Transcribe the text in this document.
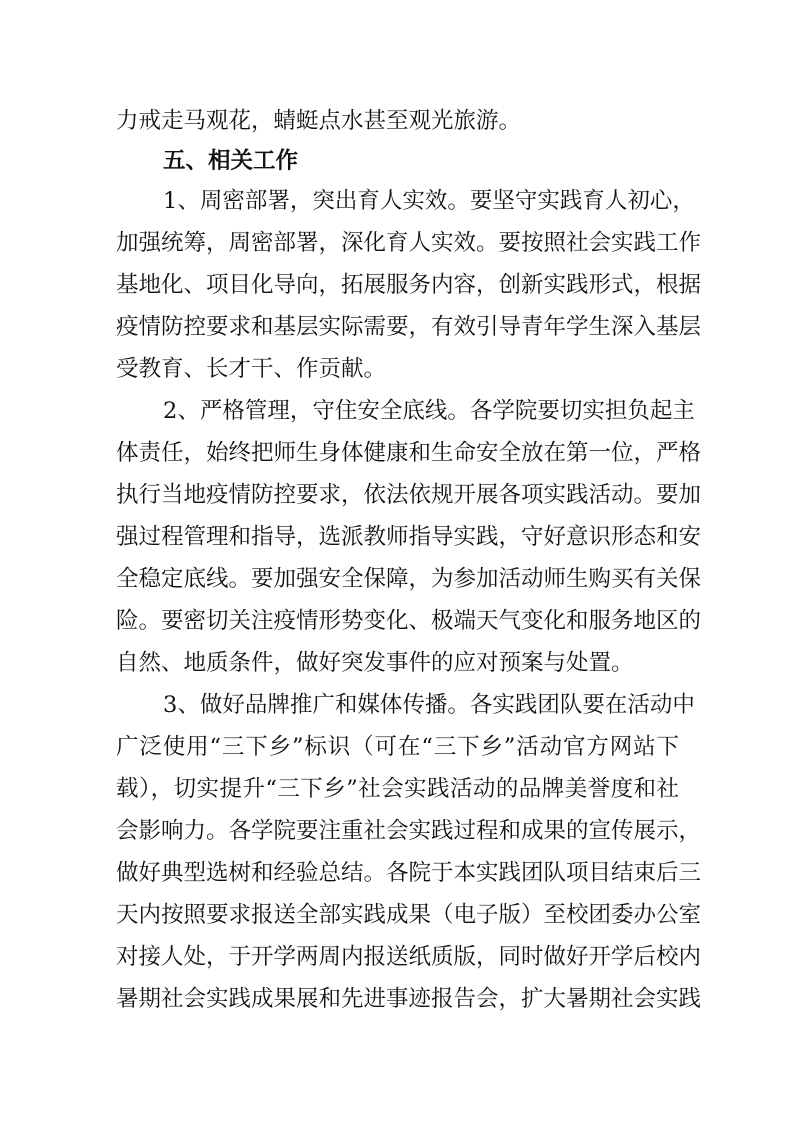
力戒走马观花，蜻蜓点水甚至观光旅游。
五、相关工作
1、周密部署，突出育人实效。要坚守实践育人初心，
加强统筹，周密部署，深化育人实效。要按照社会实践工作
基地化、项目化导向，拓展服务内容，创新实践形式，根据
疫情防控要求和基层实际需要，有效引导青年学生深入基层
受教育、长才干、作贡献。
2、严格管理，守住安全底线。各学院要切实担负起主
体责任，始终把师生身体健康和生命安全放在第一位，严格
执行当地疫情防控要求，依法依规开展各项实践活动。要加
强过程管理和指导，选派教师指导实践，守好意识形态和安
全稳定底线。要加强安全保障，为参加活动师生购买有关保
险。要密切关注疫情形势变化、极端天气变化和服务地区的
自然、地质条件，做好突发事件的应对预案与处置。
3、做好品牌推广和媒体传播。各实践团队要在活动中
广泛使用“三下乡”标识（可在“三下乡”活动官方网站下
载），切实提升“三下乡”社会实践活动的品牌美誉度和社
会影响力。各学院要注重社会实践过程和成果的宣传展示，
做好典型选树和经验总结。各院于本实践团队项目结束后三
天内按照要求报送全部实践成果（电子版）至校团委办公室
对接人处，于开学两周内报送纸质版，同时做好开学后校内
暑期社会实践成果展和先进事迹报告会，扩大暑期社会实践
